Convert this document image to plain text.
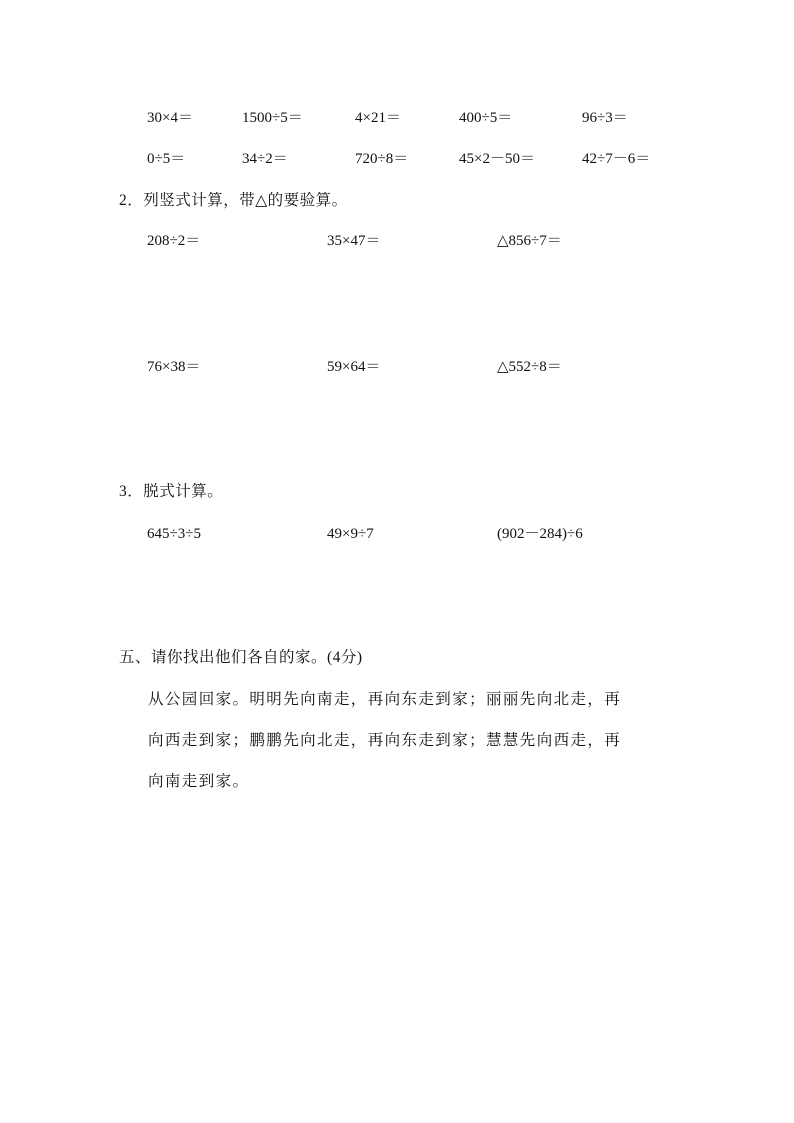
30×4＝	1500÷5＝	4×21＝	400÷5＝	96÷3＝
0÷5＝	34÷2＝	720÷8＝	45×2－50＝	42÷7－6＝
2．列竖式计算，带△的要验算。
208÷2＝	35×47＝	△856÷7＝
76×38＝	59×64＝	△552÷8＝
3．脱式计算。
645÷3÷5	49×9÷7	(902－284)÷6
五、请你找出他们各自的家。(4分)
从公园回家。明明先向南走，再向东走到家；丽丽先向北走，再
向西走到家；鹏鹏先向北走，再向东走到家；慧慧先向西走，再
向南走到家。
